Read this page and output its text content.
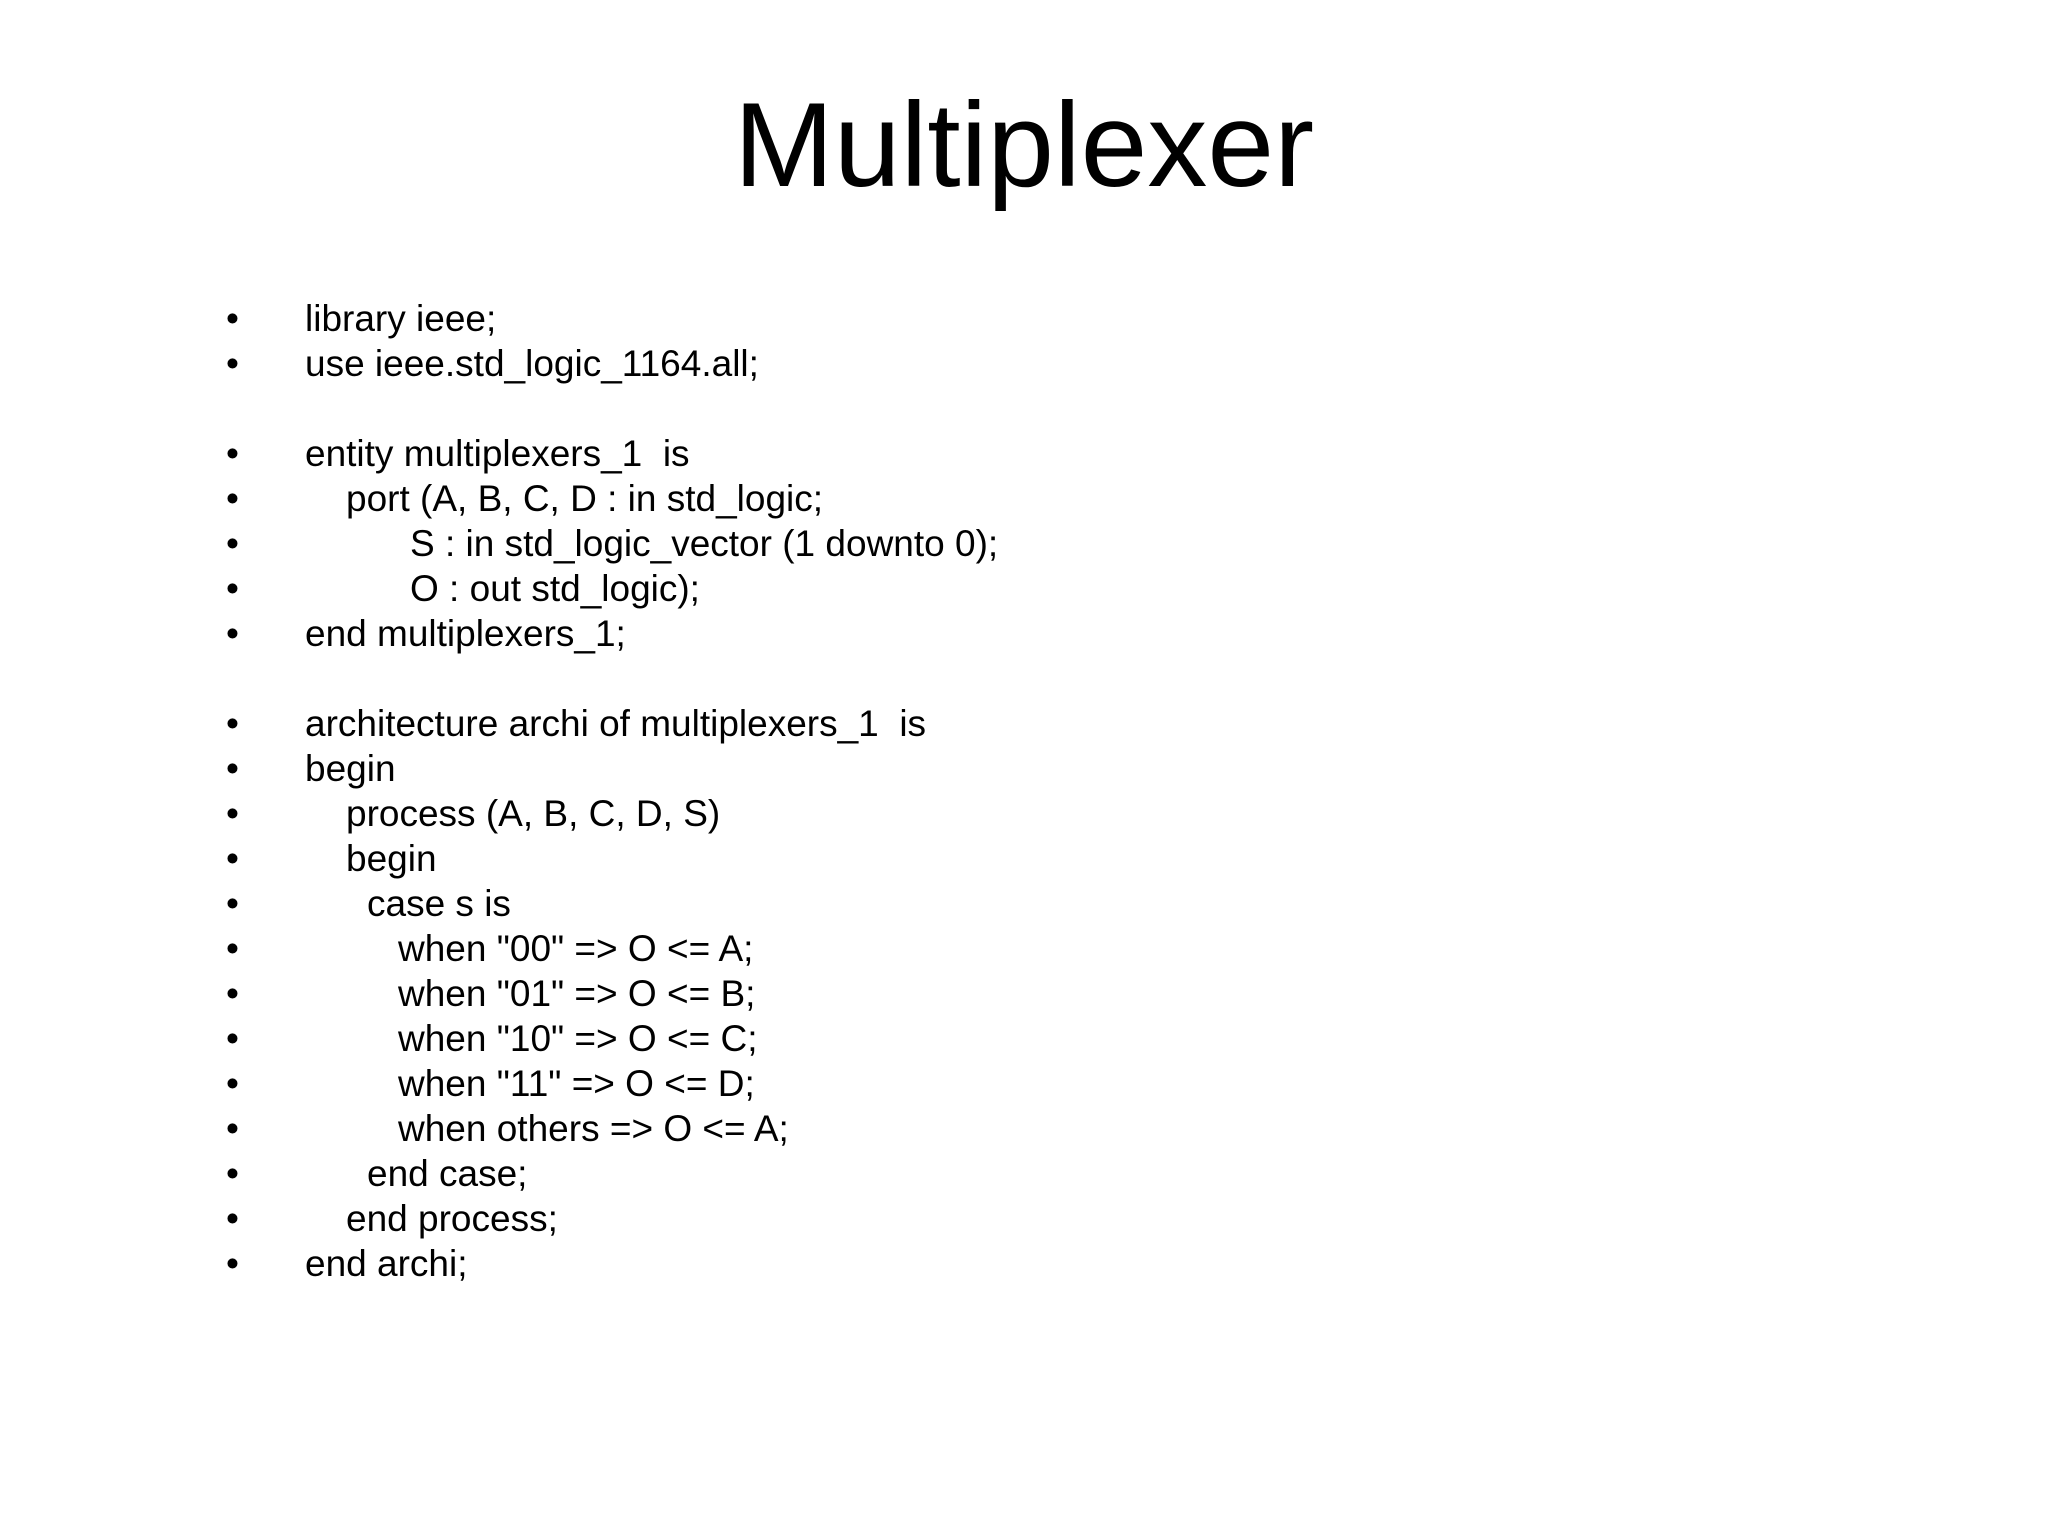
Multiplexer
• library ieee;
• use ieee.std_logic_1164.all;
• entity multiplexers_1  is
•	port (A, B, C, D : in std_logic;
•	S : in std_logic_vector (1 downto 0);
•	O : out std_logic);
• end multiplexers_1;
• architecture archi of multiplexers_1  is
• begin
•	process (A, B, C, D, S)
•	begin
•	case s is
•	when "00" => O <= A;
•	when "01" => O <= B;
•	when "10" => O <= C;
•	when "11" => O <= D;
•	when others => O <= A;
•	end case;
•	end process;
• end archi;
